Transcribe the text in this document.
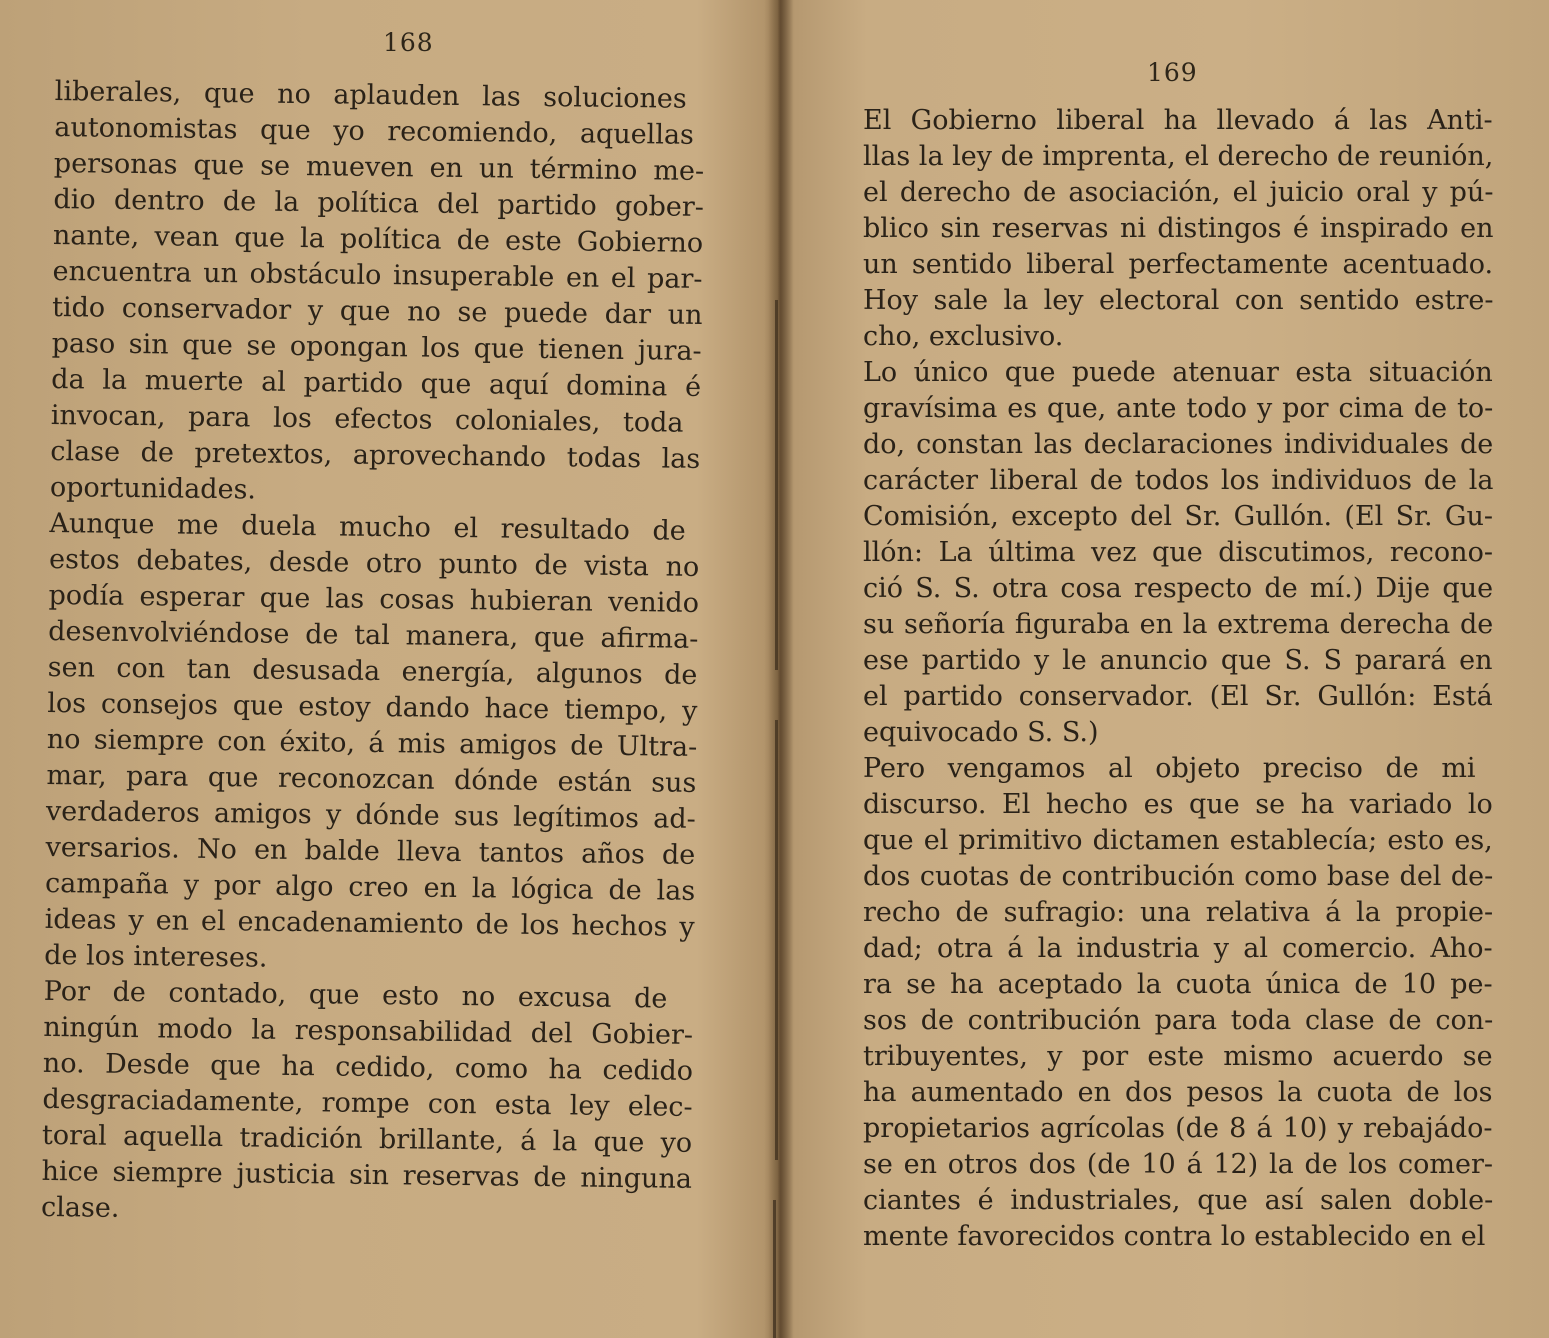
168
liberales, que no aplauden las soluciones
autonomistas que yo recomiendo, aquellas
personas que se mueven en un término me-
dio dentro de la política del partido gober-
nante, vean que la política de este Gobierno
encuentra un obstáculo insuperable en el par-
tido conservador y que no se puede dar un
paso sin que se opongan los que tienen jura-
da la muerte al partido que aquí domina é
invocan, para los efectos coloniales, toda
clase de pretextos, aprovechando todas las
oportunidades.
Aunque me duela mucho el resultado de
estos debates, desde otro punto de vista no
podía esperar que las cosas hubieran venido
desenvolviéndose de tal manera, que afirma-
sen con tan desusada energía, algunos de
los consejos que estoy dando hace tiempo, y
no siempre con éxito, á mis amigos de Ultra-
mar, para que reconozcan dónde están sus
verdaderos amigos y dónde sus legítimos ad-
versarios. No en balde lleva tantos años de
campaña y por algo creo en la lógica de las
ideas y en el encadenamiento de los hechos y
de los intereses.
Por de contado, que esto no excusa de
ningún modo la responsabilidad del Gobier-
no. Desde que ha cedido, como ha cedido
desgraciadamente, rompe con esta ley elec-
toral aquella tradición brillante, á la que yo
hice siempre justicia sin reservas de ninguna
clase.
169
El Gobierno liberal ha llevado á las Anti-
llas la ley de imprenta, el derecho de reunión,
el derecho de asociación, el juicio oral y pú-
blico sin reservas ni distingos é inspirado en
un sentido liberal perfectamente acentuado.
Hoy sale la ley electoral con sentido estre-
cho, exclusivo.
Lo único que puede atenuar esta situación
gravísima es que, ante todo y por cima de to-
do, constan las declaraciones individuales de
carácter liberal de todos los individuos de la
Comisión, excepto del Sr. Gullón. (El Sr. Gu-
llón: La última vez que discutimos, recono-
ció S. S. otra cosa respecto de mí.) Dije que
su señoría figuraba en la extrema derecha de
ese partido y le anuncio que S. S parará en
el partido conservador. (El Sr. Gullón: Está
equivocado S. S.)
Pero vengamos al objeto preciso de mi
discurso. El hecho es que se ha variado lo
que el primitivo dictamen establecía; esto es,
dos cuotas de contribución como base del de-
recho de sufragio: una relativa á la propie-
dad; otra á la industria y al comercio. Aho-
ra se ha aceptado la cuota única de 10 pe-
sos de contribución para toda clase de con-
tribuyentes, y por este mismo acuerdo se
ha aumentado en dos pesos la cuota de los
propietarios agrícolas (de 8 á 10) y rebajádo-
se en otros dos (de 10 á 12) la de los comer-
ciantes é industriales, que así salen doble-
mente favorecidos contra lo establecido en el
